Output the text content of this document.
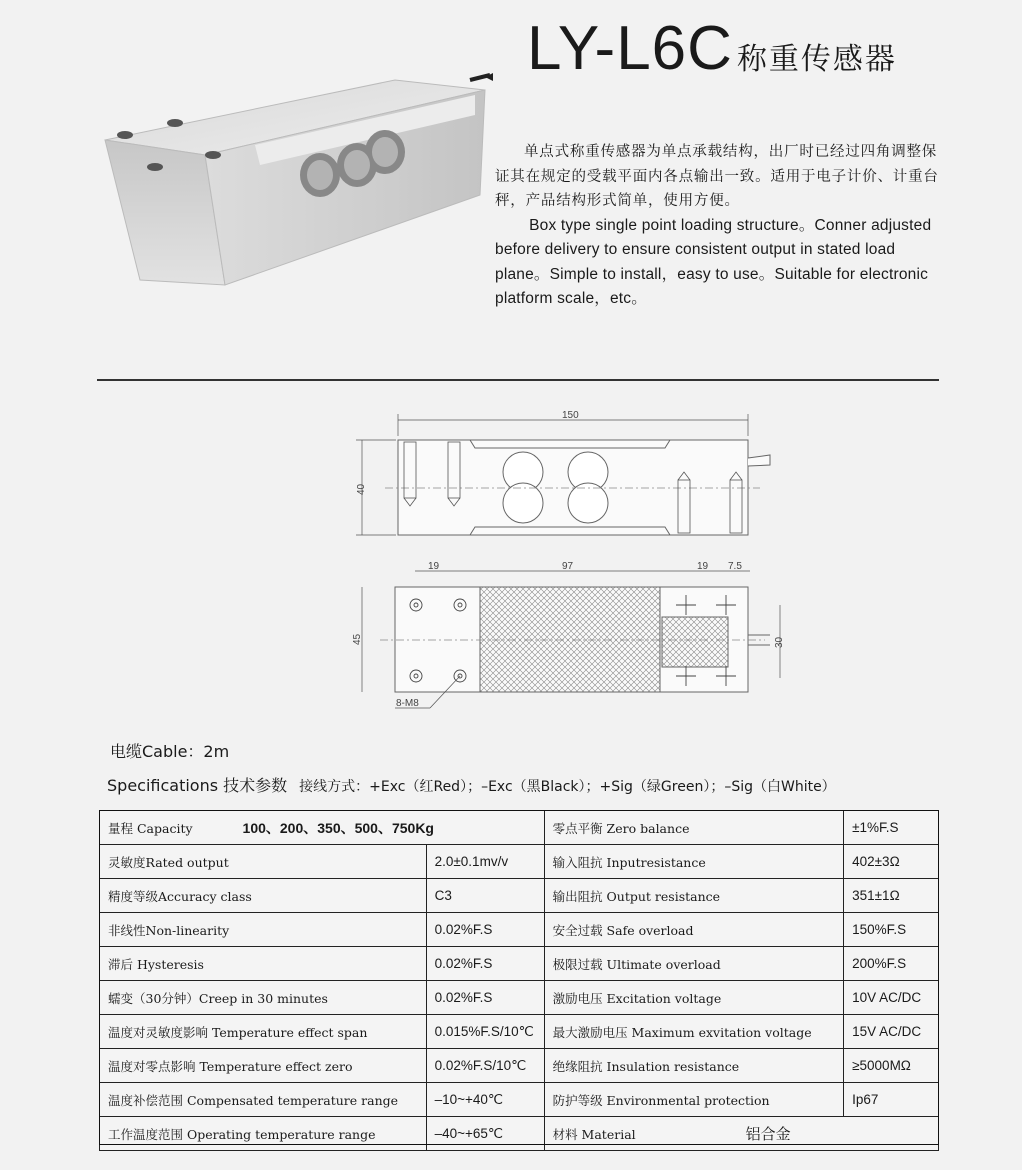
LY-L6C 称重传感器

单点式称重传感器为单点承载结构，出厂时已经过四角调整保证其在规定的受载平面内各点输出一致。适用于电子计价、计重台秤，产品结构形式简单，使用方便。

Box type single point loading structure。Conner adjusted before delivery to ensure consistent output in stated load plane。Simple to install，easy to use。Suitable for electronic platform scale，etc。

150
40
19	97	19 7.5
45	30
8-M8
电缆Cable：2m
Specifications 技术参数 接线方式：+Exc（红Red）；–Exc（黑Black）；+Sig（绿Green）；–Sig（白White）
量程 Capacity 100、200、350、500、750Kg		零点平衡 Zero balance	±1%F.S
灵敏度Rated output	2.0±0.1mv/v	输入阻抗 Inputresistance	402±3Ω
精度等级Accuracy class	C3	输出阻抗 Output resistance	351±1Ω
非线性Non-linearity	0.02%F.S	安全过载 Safe overload	150%F.S
滞后 Hysteresis	0.02%F.S	极限过载 Ultimate overload	200%F.S
蠕变（30分钟）Creep in 30 minutes	0.02%F.S	激励电压 Excitation voltage	10V AC/DC
温度对灵敏度影响 Temperature effect span	0.015%F.S/10℃	最大激励电压 Maximum exvitation voltage	15V AC/DC
温度对零点影响 Temperature effect zero	0.02%F.S/10℃	绝缘阻抗 Insulation resistance	≥5000MΩ
温度补偿范围 Compensated temperature range	–10~+40℃	防护等级 Environmental protection	Ip67
工作温度范围 Operating temperature range	–40~+65℃	材料 Material 铝合金	
